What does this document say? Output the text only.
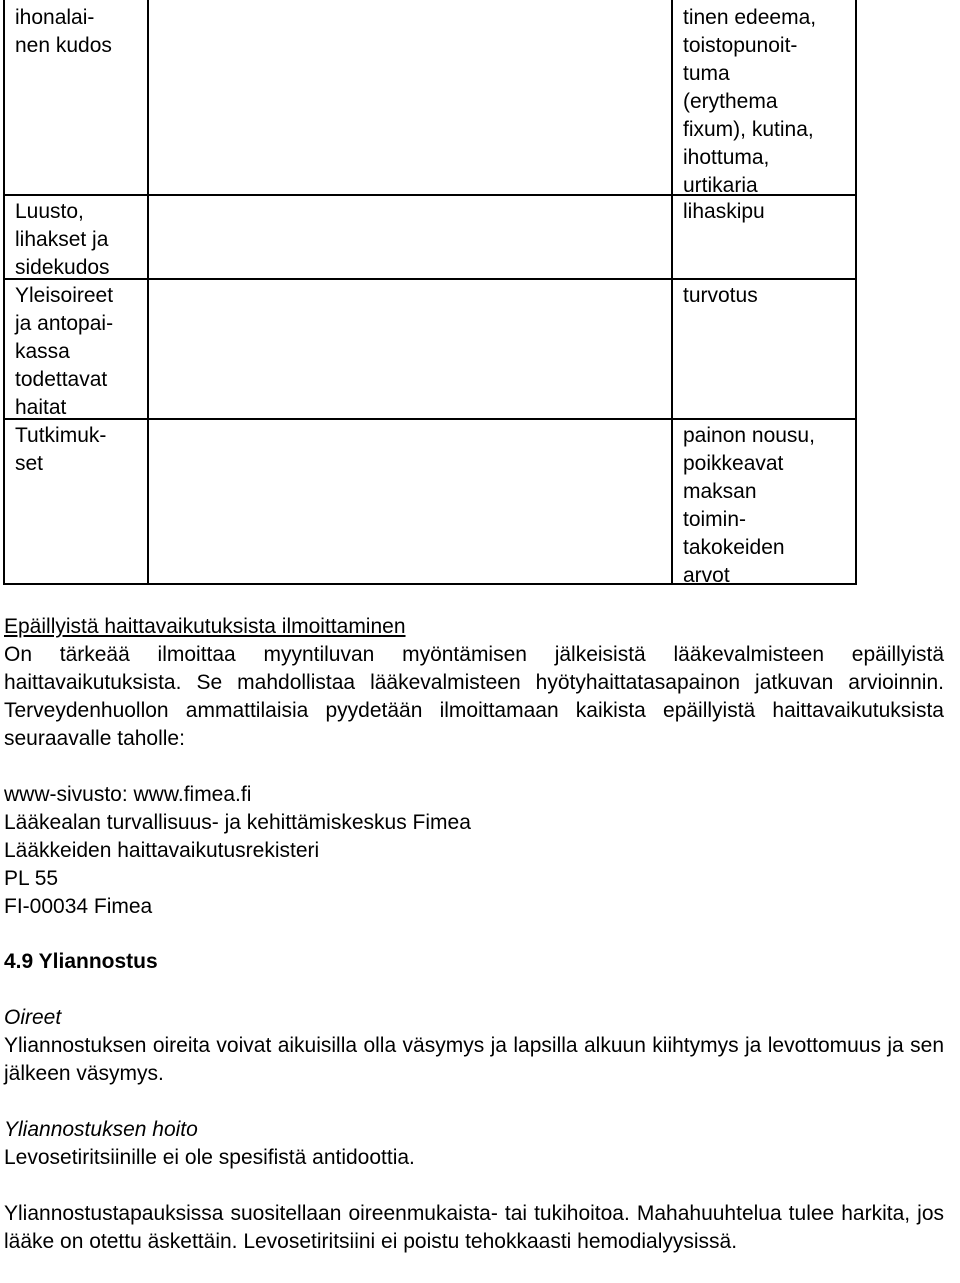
ihonalai-
nen kudos
tinen edeema,
toistopunoit-
tuma
(erythema
fixum), kutina,
ihottuma,
urtikaria
Luusto,
lihakset ja
sidekudos
lihaskipu
Yleisoireet
ja antopai-
kassa
todettavat
haitat
turvotus
Tutkimuk-
set
painon nousu,
poikkeavat
maksan
toimin-
takokeiden
arvot

Epäillyistä haittavaikutuksista ilmoittaminen

On tärkeää ilmoittaa myyntiluvan myöntämisen jälkeisistä lääkevalmisteen epäillyistä haittavaikutuksista. Se mahdollistaa lääkevalmisteen hyötyhaittatasapainon jatkuvan arvioinnin. Terveydenhuollon ammattilaisia pyydetään ilmoittamaan kaikista epäillyistä haittavaikutuksista seuraavalle taholle:

www-sivusto: www.fimea.fi

Lääkealan turvallisuus- ja kehittämiskeskus Fimea

Lääkkeiden haittavaikutusrekisteri

PL 55

FI-00034 Fimea

4.9 Yliannostus

Oireet

Yliannostuksen oireita voivat aikuisilla olla väsymys ja lapsilla alkuun kiihtymys ja levottomuus ja sen jälkeen väsymys.

Yliannostuksen hoito

Levosetiritsiinille ei ole spesifistä antidoottia.

Yliannostustapauksissa suositellaan oireenmukaista- tai tukihoitoa. Mahahuuhtelua tulee harkita, jos lääke on otettu äskettäin. Levosetiritsiini ei poistu tehokkaasti hemodialyysissä.
